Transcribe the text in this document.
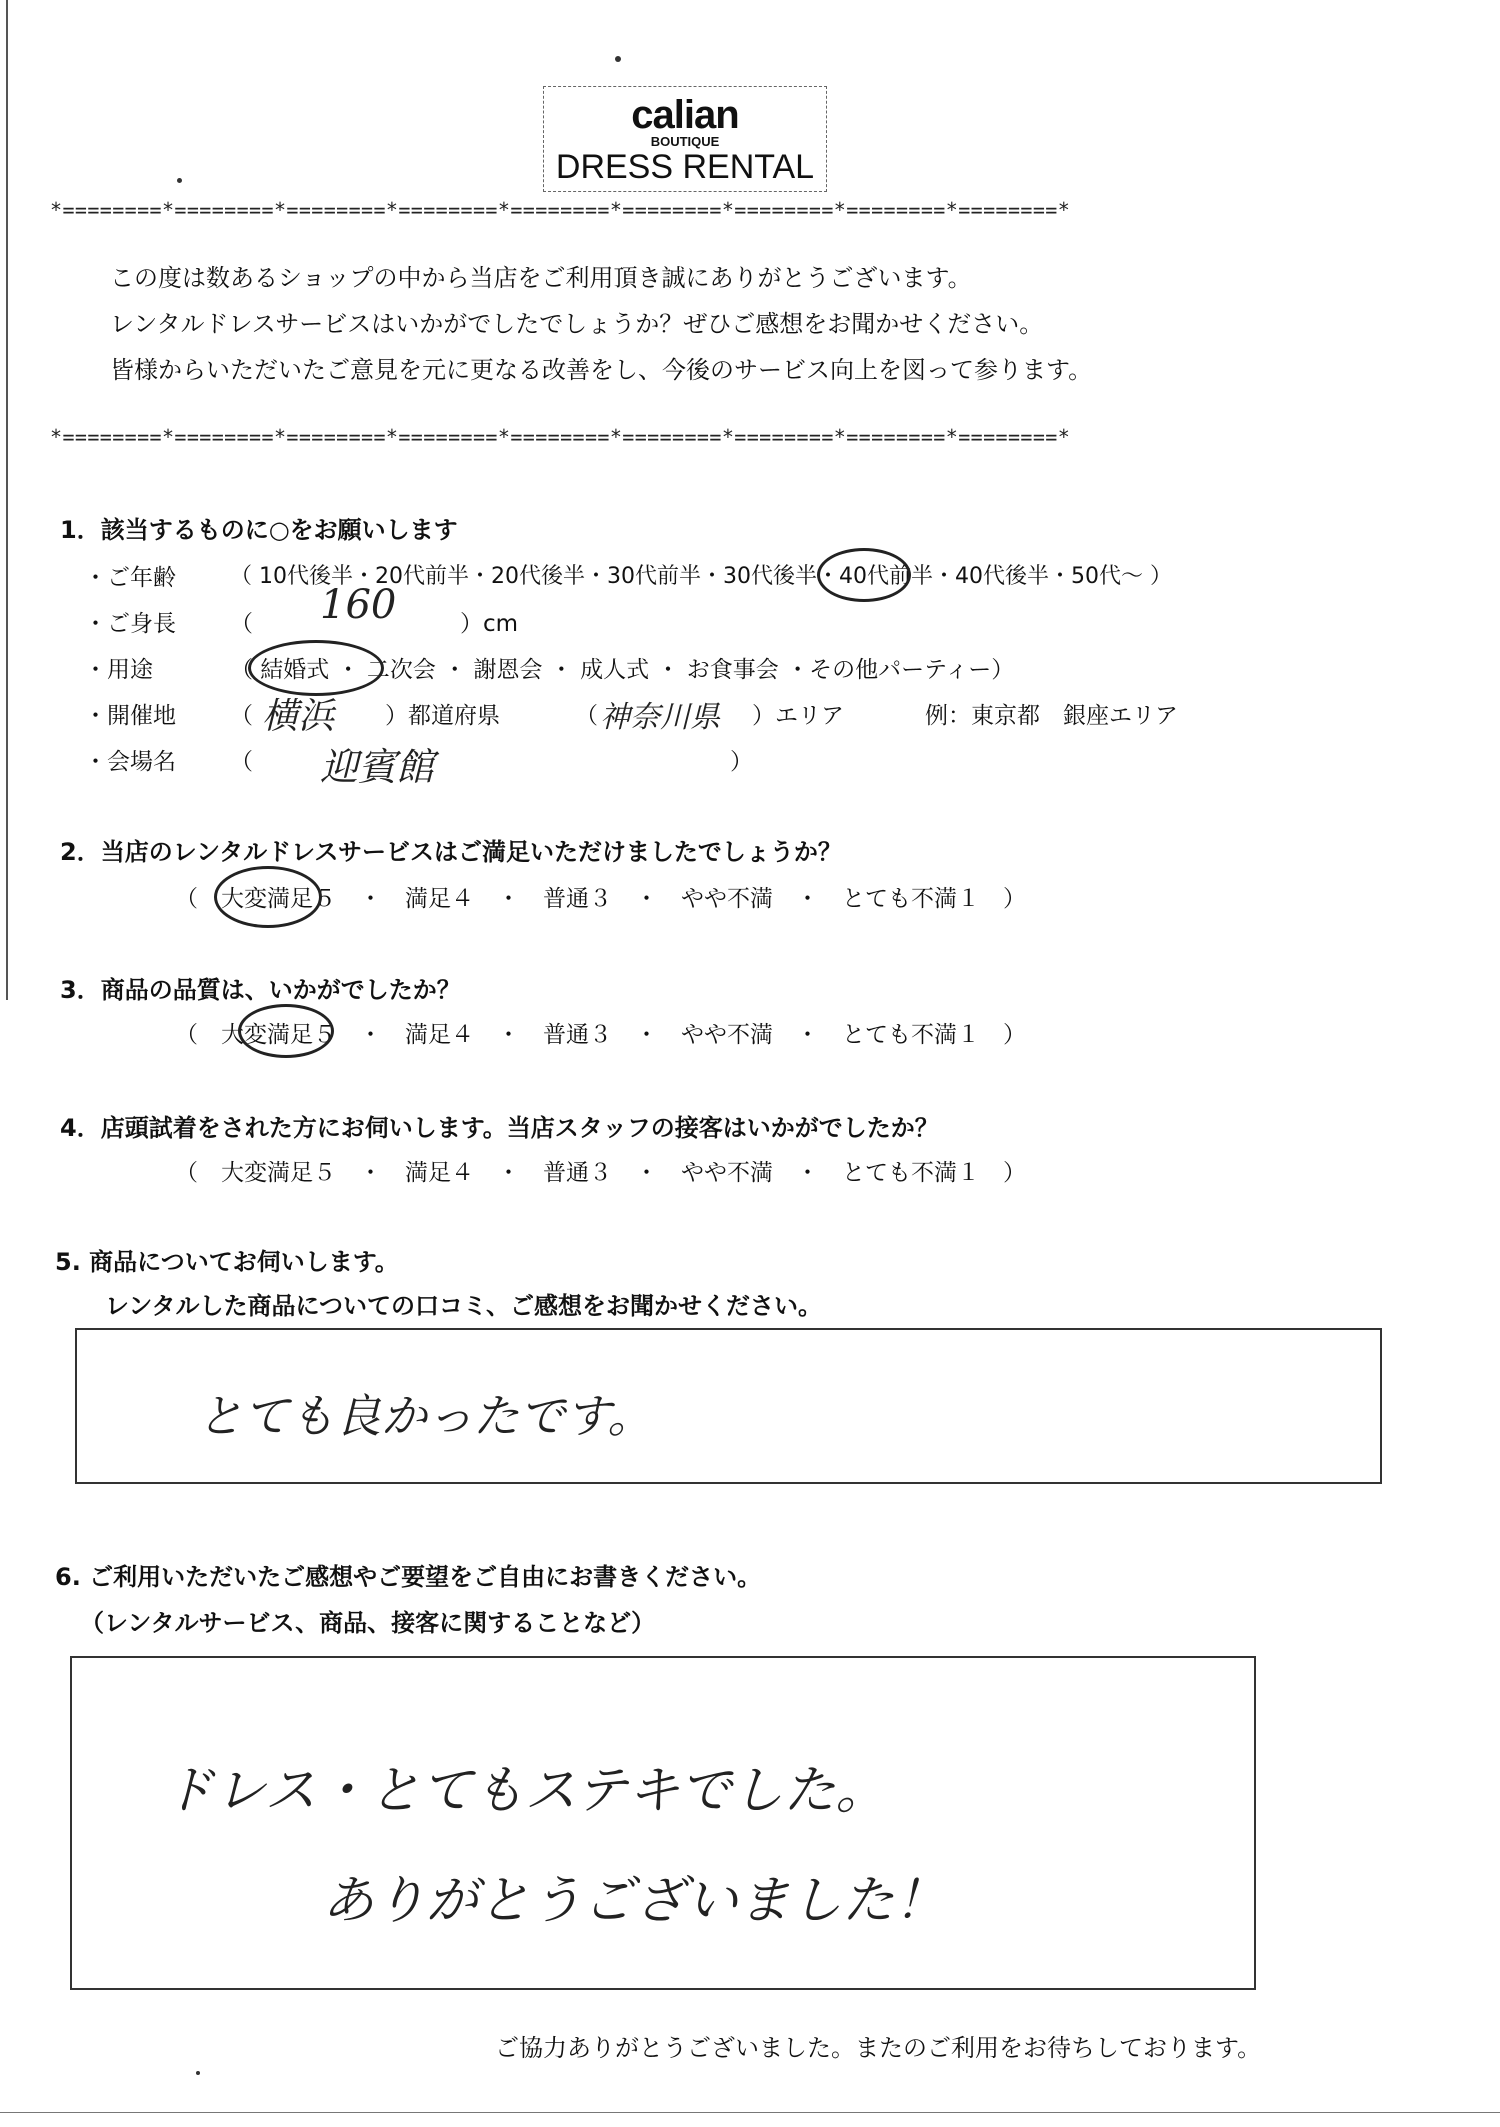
calian
BOUTIQUE
DRESS RENTAL
*========*========*========*========*========*========*========*========*========*
*========*========*========*========*========*========*========*========*========*
この度は数あるショップの中から当店をご利用頂き誠にありがとうございます。
レンタルドレスサービスはいかがでしたでしょうか？ぜひご感想をお聞かせください。
皆様からいただいたご意見を元に更なる改善をし、今後のサービス向上を図って参ります。
1．該当するものに○をお願いします
・ご年齢 （ 10代後半・20代前半・20代後半・30代前半・30代後半・40代前半・40代後半・50代〜 ）
・ご身長 （ 160	）cm
・用途	（ 結婚式 ・ 二次会 ・ 謝恩会 ・ 成人式 ・ お食事会 ・その他パーティー）
・開催地 （ 横浜 ）都道府県	（ 神奈川県 ）エリア	例：東京都　銀座エリア
・会場名 （ 迎賓館	）
2．当店のレンタルドレスサービスはご満足いただけましたでしょうか？
（　大変満足５　・　満足４　・　普通３　・　やや不満　・　とても不満１　）
3．商品の品質は、いかがでしたか？
（　大変満足５　・　満足４　・　普通３　・　やや不満　・　とても不満１　）
4．店頭試着をされた方にお伺いします。当店スタッフの接客はいかがでしたか？
（　大変満足５　・　満足４　・　普通３　・　やや不満　・　とても不満１　）
5. 商品についてお伺いします。
レンタルした商品についての口コミ、ご感想をお聞かせください。
とても良かったです。
6. ご利用いただいたご感想やご要望をご自由にお書きください。
（レンタルサービス、商品、接客に関することなど）
ドレス・とてもステキでした。
ありがとうございました！
ご協力ありがとうございました。またのご利用をお待ちしております。
